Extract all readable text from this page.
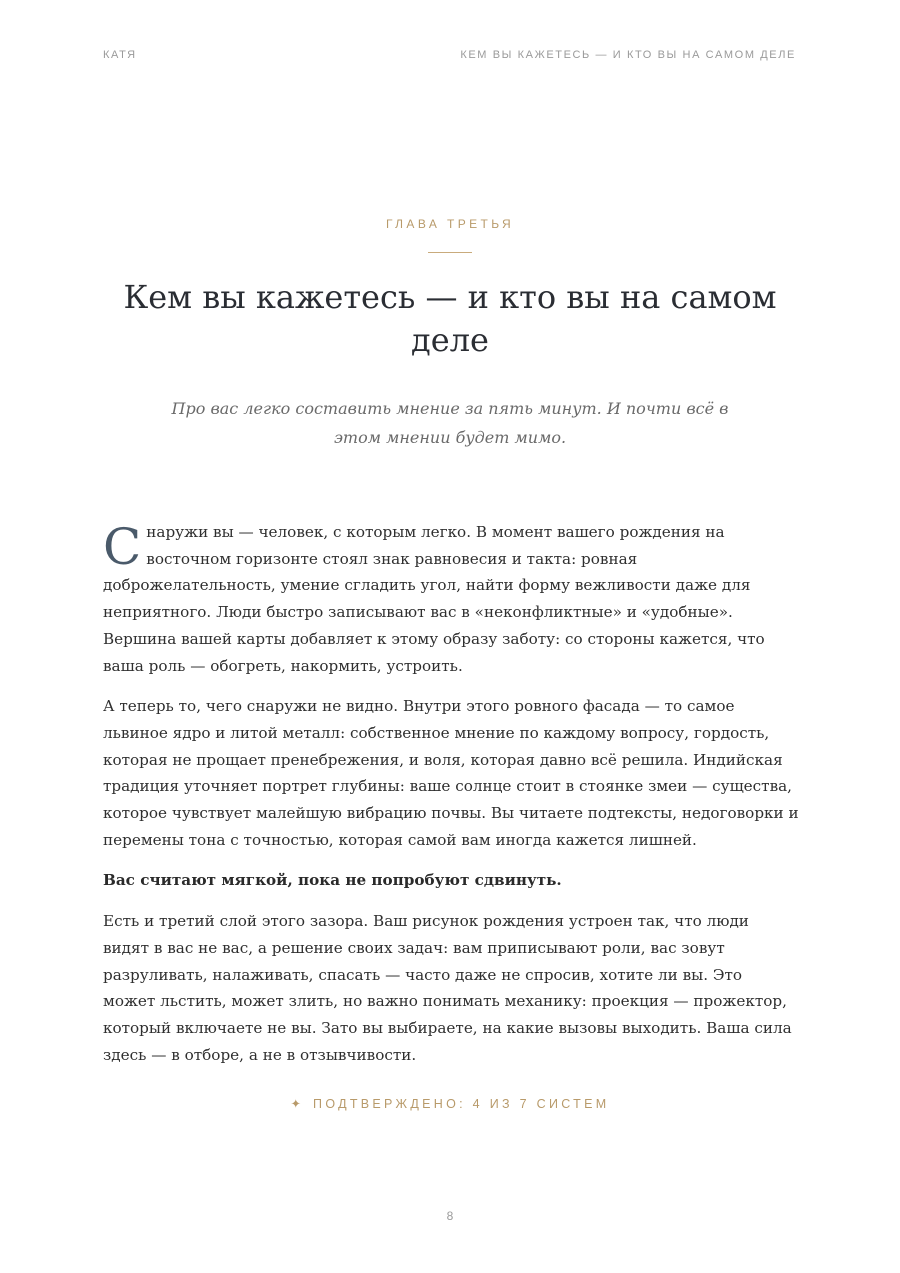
КАТЯ	КЕМ ВЫ КАЖЕТЕСЬ — И КТО ВЫ НА САМОМ ДЕЛЕ
ГЛАВА ТРЕТЬЯ
Кем вы кажетесь — и кто вы на самом деле

Про вас легко составить мнение за пять минут. И почти всё в этом мнении будет мимо.

Снаружи вы — человек, с которым легко. В момент вашего рождения на восточном горизонте стоял знак равновесия и такта: ровная доброжелательность, умение сгладить угол, найти форму вежливости даже для неприятного. Люди быстро записывают вас в «неконфликтные» и «удобные». Вершина вашей карты добавляет к этому образу заботу: со стороны кажется, что ваша роль — обогреть, накормить, устроить.

А теперь то, чего снаружи не видно. Внутри этого ровного фасада — то самое львиное ядро и литой металл: собственное мнение по каждому вопросу, гордость, которая не прощает пренебрежения, и воля, которая давно всё решила. Индийская традиция уточняет портрет глубины: ваше солнце стоит в стоянке змеи — существа, которое чувствует малейшую вибрацию почвы. Вы читаете подтексты, недоговорки и перемены тона с точностью, которая самой вам иногда кажется лишней.

Вас считают мягкой, пока не попробуют сдвинуть.

Есть и третий слой этого зазора. Ваш рисунок рождения устроен так, что люди видят в вас не вас, а решение своих задач: вам приписывают роли, вас зовут разруливать, налаживать, спасать — часто даже не спросив, хотите ли вы. Это может льстить, может злить, но важно понимать механику: проекция — прожектор, который включаете не вы. Зато вы выбираете, на какие вызовы выходить. Ваша сила здесь — в отборе, а не в отзывчивости.

✦ ПОДТВЕРЖДЕНО: 4 ИЗ 7 СИСТЕМ
8
